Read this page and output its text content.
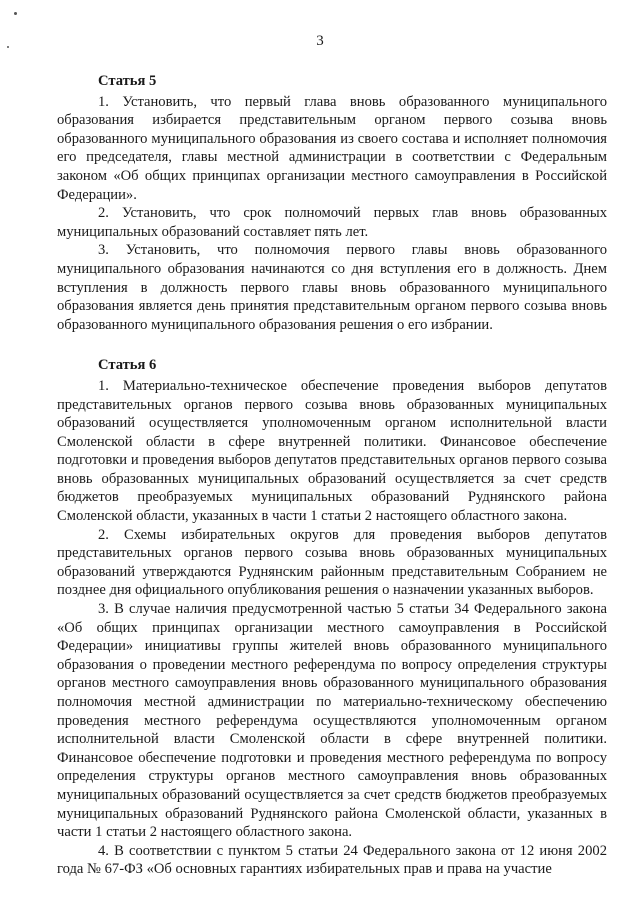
3
Статья 5

1. Установить, что первый глава вновь образованного муниципального образования избирается представительным органом первого созыва вновь образованного муниципального образования из своего состава и исполняет полномочия его председателя, главы местной администрации в соответствии с Федеральным законом «Об общих принципах организации местного самоуправления в Российской Федерации».

2. Установить, что срок полномочий первых глав вновь образованных муниципальных образований составляет пять лет.

3. Установить, что полномочия первого главы вновь образованного муниципального образования начинаются со дня вступления его в должность. Днем вступления в должность первого главы вновь образованного муниципального образования является день принятия представительным органом первого созыва вновь образованного муниципального образования решения о его избрании.

Статья 6

1. Материально-техническое обеспечение проведения выборов депутатов представительных органов первого созыва вновь образованных муниципальных образований осуществляется уполномоченным органом исполнительной власти Смоленской области в сфере внутренней политики. Финансовое обеспечение подготовки и проведения выборов депутатов представительных органов первого созыва вновь образованных муниципальных образований осуществляется за счет средств бюджетов преобразуемых муниципальных образований Руднянского района Смоленской области, указанных в части 1 статьи 2 настоящего областного закона.

2. Схемы избирательных округов для проведения выборов депутатов представительных органов первого созыва вновь образованных муниципальных образований утверждаются Руднянским районным представительным Собранием не позднее дня официального опубликования решения о назначении указанных выборов.

3. В случае наличия предусмотренной частью 5 статьи 34 Федерального закона «Об общих принципах организации местного самоуправления в Российской Федерации» инициативы группы жителей вновь образованного муниципального образования о проведении местного референдума по вопросу определения структуры органов местного самоуправления вновь образованного муниципального образования полномочия местной администрации по материально-техническому обеспечению проведения местного референдума осуществляются уполномоченным органом исполнительной власти Смоленской области в сфере внутренней политики. Финансовое обеспечение подготовки и проведения местного референдума по вопросу определения структуры органов местного самоуправления вновь образованных муниципальных образований осуществляется за счет средств бюджетов преобразуемых муниципальных образований Руднянского района Смоленской области, указанных в части 1 статьи 2 настоящего областного закона.

4. В соответствии с пунктом 5 статьи 24 Федерального закона от 12 июня 2002 года № 67-ФЗ «Об основных гарантиях избирательных прав и права на участие
